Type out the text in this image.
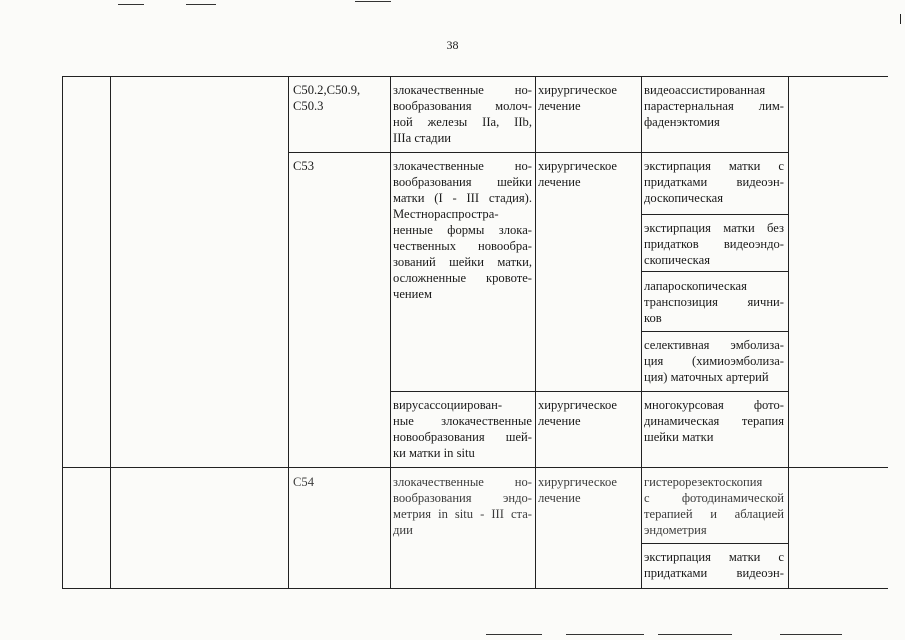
38
C50.2,C50.9,
C50.3
злокачественные но-
вообразования молоч-
ной железы IIa, IIb,
IIIa стадии
хирургическое
лечение
видеоассистированная
парастернальная лим-
фаденэктомия
C53	злокачественные но-
вообразования шейки
матки (I - III стадия).
Местнораспростра-
ненные формы злока-
чественных новообра-
зований шейки матки,
осложненные кровоте-
чением
хирургическое
лечение
экстирпация матки с
придатками видеоэн-
доскопическая
экстирпация матки без
придатков видеоэндо-
скопическая
лапароскопическая
транспозиция яични-
ков
селективная эмболиза-
ция (химиоэмболиза-
ция) маточных артерий
вирусассоциирован-
ные злокачественные
новообразования шей-
ки матки in situ
хирургическое
лечение
многокурсовая фото-
динамическая терапия
шейки матки
C54	злокачественные но-
вообразования эндо-
метрия in situ - III ста-
дии
хирургическое
лечение
гистерорезектоскопия
с фотодинамической
терапией и аблацией
эндометрия
экстирпация матки с
придатками видеоэн-
